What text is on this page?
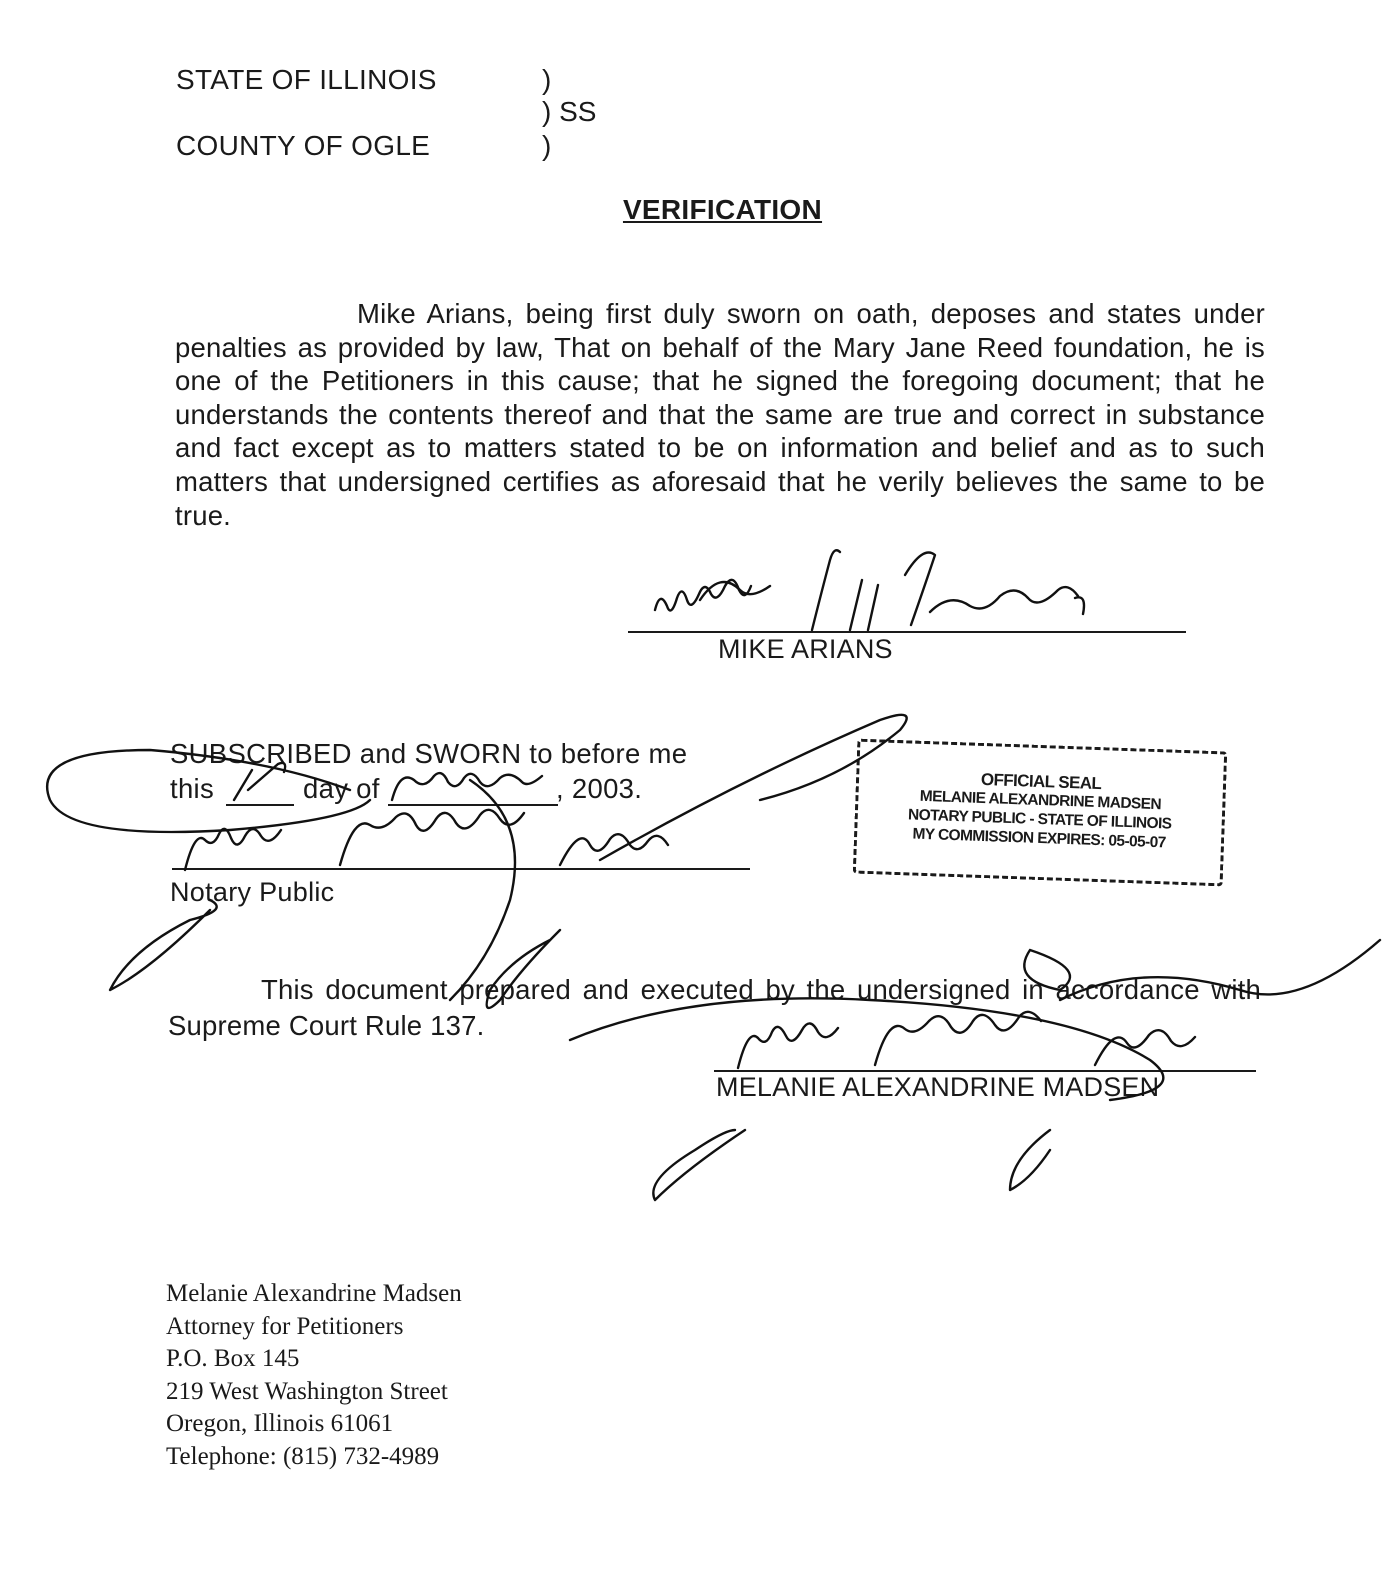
STATE OF ILLINOIS
COUNTY OF OGLE
)
) SS
)
VERIFICATION
Mike Arians, being first duly sworn on oath, deposes and states under penalties as provided by law, That on behalf of the Mary Jane Reed foundation, he is one of the Petitioners in this cause; that he signed the foregoing document; that he understands the contents thereof and that the same are true and correct in substance and fact except as to matters stated to be on information and belief and as to such matters that undersigned certifies as aforesaid that he verily believes the same to be true.
MIKE ARIANS
SUBSCRIBED and SWORN to before me
this	day of	, 2003.
Notary Public
OFFICIAL SEAL
MELANIE ALEXANDRINE MADSEN
NOTARY PUBLIC - STATE OF ILLINOIS
MY COMMISSION EXPIRES: 05-05-07
This document prepared and executed by the undersigned in accordance with Supreme Court Rule 137.
MELANIE ALEXANDRINE MADSEN
Melanie Alexandrine Madsen
Attorney for Petitioners
P.O. Box 145
219 West Washington Street
Oregon, Illinois 61061
Telephone: (815) 732-4989
